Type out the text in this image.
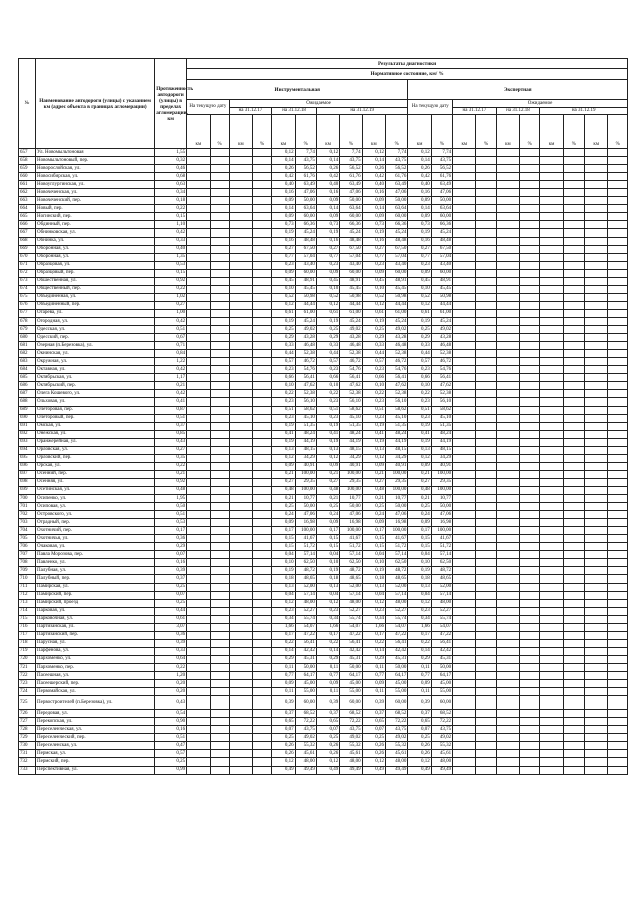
№	Наименование автодороги (улицы) с указанием км (адрес объекта в границах агломерации)	Протяженность автодороги (улицы) в пределах агломерации, км	Результаты диагностики																			
			Нормативное состояние, км/ %																			
			Инструментальная										Экспертная									
			На текущую дату		Ожидаемое								На текущую дату		Ожидаемое							
					на 31.12.17		на 31.12.18		на 31.12.19						на 31.12.17		на 31.12.18		на 31.12.19			
			км	%	км	%	км	%	км	%	км	%	км	%	км	%	км	%	км	%	км	%
657	Ул. Новомыльтоновая	1,55					0,12	7,74	0,12	7,74	0,12	7,74	0,12	7,74								
658	Новомыльтоновый, пер.	0,32					0,14	43,75	0,14	43,75	0,14	43,75	0,14	43,75								
659	Новорослойская, ул.	0,46					0,26	56,52	0,26	56,52	0,26	56,52	0,26	56,52								
660	Новосибирская, ул.	0,68					0,42	61,76	0,42	61,76	0,42	61,76	0,42	61,76								
661	Новоуглургинская, ул.	0,63					0,40	63,49	0,40	63,49	0,40	63,49	0,40	63,49								
662	Новочеченская, ул.	0,34					0,16	47,06	0,16	47,06	0,16	47,06	0,16	47,06								
663	Новочеченский, пер.	0,18					0,09	50,00	0,09	50,00	0,09	50,00	0,09	50,00								
664	Новый, пер.	0,22					0,14	63,64	0,14	63,64	0,14	63,64	0,14	63,64								
665	Ногинский, пер.	0,15					0,09	60,00	0,09	60,00	0,09	60,00	0,09	60,00								
666	Обдинный, пер.	1,10					0,73	66,36	0,73	66,36	0,73	66,36	0,73	66,36								
667	Обнинковская, ул.	0,42					0,19	45,24	0,19	45,24	0,19	45,24	0,19	45,24								
668	Обнинка, ул.	0,33					0,16	48,48	0,16	48,48	0,16	48,48	0,16	48,48								
669	Оборонная, ул.	0,40					0,27	67,50	0,27	67,50	0,27	67,50	0,27	67,50								
670	Оборонная, ул.	1,35					0,77	57,04	0,77	57,04	0,77	57,04	0,77	57,04								
671	Образцовая, ул.	0,53					0,23	43,40	0,23	43,40	0,23	43,40	0,23	43,40								
672	Образцовый, пер.	0,15					0,09	60,00	0,09	60,00	0,09	60,00	0,09	60,00								
673	Обшественная, ул.	0,92					0,45	48,91	0,45	48,91	0,45	48,91	0,45	48,91								
674	Общественный, пер.	0,22					0,10	45,45	0,10	45,45	0,10	45,45	0,10	45,45								
675	Объединенная, ул.	1,02					0,52	50,98	0,52	50,98	0,52	50,98	0,52	50,98								
676	Объединенный, пер.	0,27					0,12	44,44	0,12	44,44	0,12	44,44	0,12	44,44								
677	Огарева, ул.	1,00					0,61	61,00	0,61	61,00	0,61	61,00	0,61	61,00								
678	Огородная, ул.	0,42					0,19	45,24	0,19	45,24	0,19	45,24	0,19	45,24								
679	Одесская, ул.	0,51					0,25	49,02	0,25	49,02	0,25	49,02	0,25	49,02								
680	Одесский, пер.	0,67					0,29	43,28	0,29	43,28	0,29	43,28	0,29	43,28								
681	Озерная (п.Березовка), ул.	0,71					0,33	46,48	0,33	46,48	0,33	46,48	0,33	46,48								
682	Окнинская, ул.	0,84					0,44	52,38	0,44	52,38	0,44	52,38	0,44	52,38								
683	Окружная, ул.	1,22					0,57	46,72	0,57	46,72	0,57	46,72	0,57	46,72								
684	Октавная, ул.	0,42					0,23	54,76	0,23	54,76	0,23	54,76	0,23	54,76								
685	Октябрьская, ул.	1,17					0,66	56,41	0,66	56,41	0,66	56,41	0,66	56,41								
686	Октябрьский, пер.	0,21					0,10	47,62	0,10	47,62	0,10	47,62	0,10	47,62								
687	Олега Кошевого, ул.	0,42					0,22	52,38	0,22	52,38	0,22	52,38	0,22	52,38								
688	Ольховая, ул.	0,41					0,23	56,10	0,23	56,10	0,23	56,10	0,23	56,10								
689	Олеторовая, пер.	0,87					0,51	58,62	0,51	58,62	0,51	58,62	0,51	58,62								
690	Олеторовый, пер.	0,51					0,23	45,10	0,23	45,10	0,23	45,10	0,23	45,10								
691	Омская, ул.	0,37					0,19	51,35	0,19	51,35	0,19	51,35	0,19	51,35								
692	Онежская, ул.	0,85					0,41	48,24	0,41	48,24	0,41	48,24	0,41	48,24								
693	Оранжерейная, ул.	0,43					0,19	44,19	0,19	44,19	0,19	44,19	0,19	44,19								
694	Орловская, ул.	0,27					0,13	48,15	0,13	48,15	0,13	48,15	0,13	48,15								
695	Орловский, пер.	0,35					0,12	34,29	0,12	34,29	0,12	34,29	0,12	34,29								
696	Орская, ул.	0,22					0,09	40,91	0,09	40,91	0,09	40,91	0,09	40,91								
697	Осенний, пер.	0,21					0,21	100,00	0,21	100,00	0,21	100,00	0,21	100,00								
698	Осенняя, ул.	0,92					0,27	29,35	0,27	29,35	0,27	29,35	0,27	29,35								
699	Осетинская, ул.	0,48					0,48	100,00	0,48	100,00	0,48	100,00	0,48	100,00								
700	Осипенко, ул.	1,95					0,21	10,77	0,21	10,77	0,21	10,77	0,21	10,77								
701	Осиповая, ул.	0,50					0,25	50,00	0,25	50,00	0,25	50,00	0,25	50,00								
702	Островского, ул.	0,51					0,24	47,06	0,24	47,06	0,24	47,06	0,24	47,06								
703	Отрадный, пер.	0,53					0,09	16,98	0,09	16,98	0,09	16,98	0,09	16,98								
704	Охотничий, пер.	0,17					0,17	100,00	0,17	100,00	0,17	100,00	0,17	100,00								
705	Охотничья, ул.	0,36					0,15	41,67	0,15	41,67	0,15	41,67	0,15	41,67								
706	Очаковая, ул.	0,29					0,15	51,72	0,15	51,72	0,15	51,72	0,15	51,72								
707	Павла Морозова, пер.	0,07					0,04	57,14	0,04	57,14	0,04	57,14	0,04	57,14								
708	Павленко, ул.	0,16					0,10	62,50	0,10	62,50	0,10	62,50	0,10	62,50								
709	Палубная, ул.	0,39					0,19	48,72	0,19	48,72	0,19	48,72	0,19	48,72								
710	Палубный, пер.	0,37					0,18	48,65	0,18	48,65	0,18	48,65	0,18	48,65								
711	Памирская, ул.	0,25					0,13	52,00	0,13	52,00	0,13	52,00	0,13	52,00								
712	Памирский, пер.	0,07					0,04	57,14	0,04	57,14	0,04	57,14	0,04	57,14								
713	Памирский, проезд	0,25					0,12	48,00	0,12	48,00	0,12	48,00	0,12	48,00								
714	Парковая, ул.	0,44					0,23	52,27	0,23	52,27	0,23	52,27	0,23	52,27								
715	Парковочная, ул.	0,61					0,34	55,74	0,34	55,74	0,34	55,74	0,34	55,74								
716	Партизанская, ул.	3,07					1,66	54,07	1,66	54,07	1,66	54,07	1,66	54,07								
717	Партизанский, пер.	0,36					0,17	47,22	0,17	47,22	0,17	47,22	0,17	47,22								
718	Парусная, ул.	0,39					0,22	56,41	0,22	56,41	0,22	56,41	0,22	56,41								
719	Парфенова, ул.	0,33					0,14	42,42	0,14	42,42	0,14	42,42	0,14	42,42								
720	Пархоменко, ул.	0,64					0,29	45,31	0,29	45,31	0,29	45,31	0,29	45,31								
721	Пархоменко, пер.	0,22					0,11	50,00	0,11	50,00	0,11	50,00	0,11	50,00								
722	Пасеешная, ул.	1,20					0,77	64,17	0,77	64,17	0,77	64,17	0,77	64,17								
723	Пасеешерский, пер.	0,20					0,09	45,00	0,09	45,00	0,09	45,00	0,09	45,00								
724	Первомайская, ул.	0,20					0,11	55,00	0,11	55,00	0,11	55,00	0,11	55,00								
725	Первостроителей (п.Березовка), ул.	0,43					0,39	60,00	0,39	60,00	0,39	60,00	0,39	60,00								
726	Передовая, ул.	0,54					0,37	68,52	0,37	68,52	0,37	68,52	0,37	68,52								
727	Перекопская, ул.	0,90					0,65	72,22	0,65	72,22	0,65	72,22	0,65	72,22								
728	Переселенческая, ул.	0,16					0,07	43,75	0,07	43,75	0,07	43,75	0,07	43,75								
729	Переселенческий, пер.	0,51					0,25	49,02	0,25	49,02	0,25	49,02	0,25	49,02								
730	Переселенская, ул.	0,47					0,26	55,32	0,26	55,32	0,26	55,32	0,26	55,32								
731	Пермская, ул.	0,57					0,26	45,61	0,26	45,61	0,26	45,61	0,26	45,61								
732	Пермский, пер.	0,25					0,12	48,00	0,12	48,00	0,12	48,00	0,12	48,00								
733	Перспективная, ул.	0,99					0,49	49,49	0,49	49,49	0,49	49,49	0,49	49,49								
